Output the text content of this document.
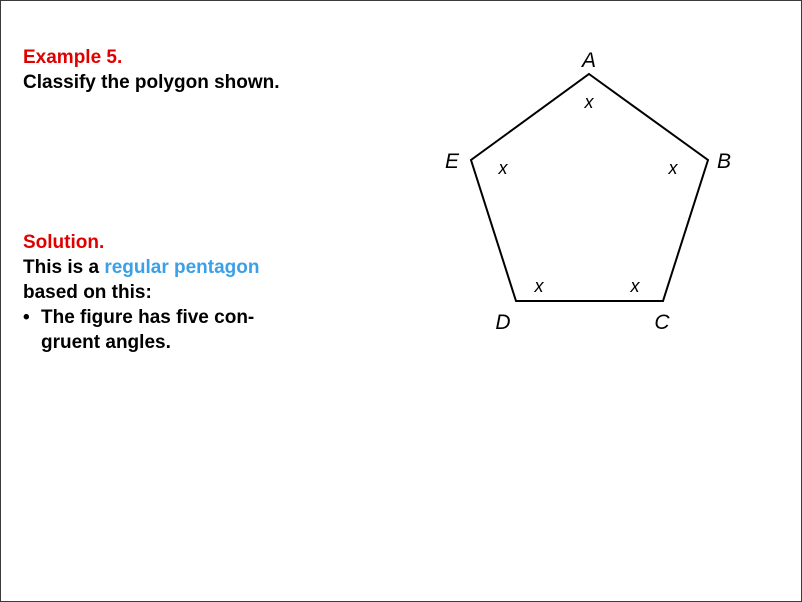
Example 5.
Classify the polygon shown.
Solution.
This is a regular pentagon
based on this:
• The figure has five con-
gruent angles.
A
B
C
D
E
x
x
x
x
x
